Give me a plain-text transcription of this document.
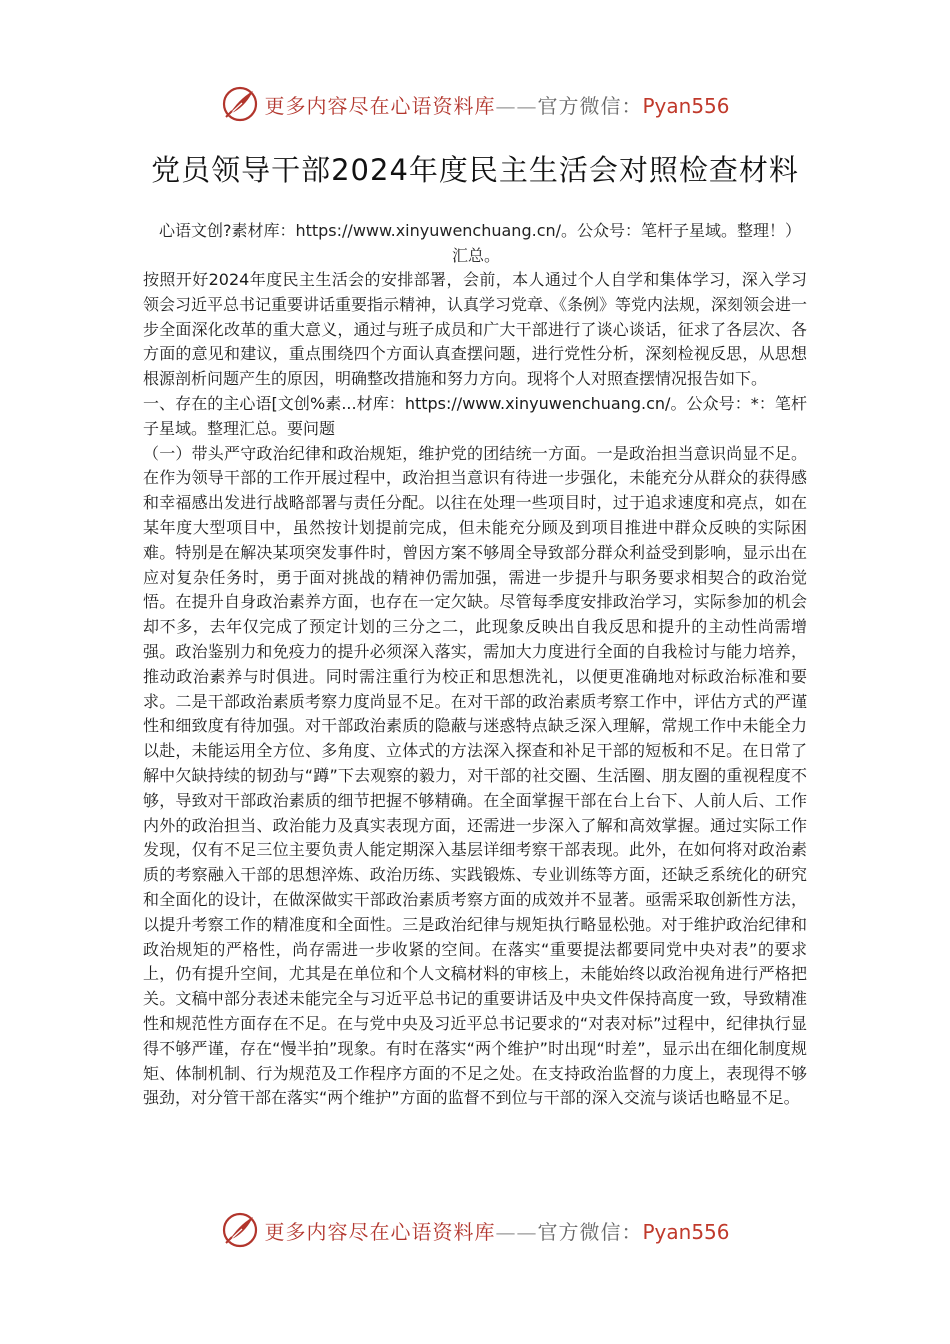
更多内容尽在心语资料库——官方微信：Pyan556
党员领导干部2024年度民主生活会对照检查材料
心语文创?素材库：https://www.xinyuwenchuang.cn/。公众号：笔杆子星域。整理！）汇总。

按照开好2024年度民主生活会的安排部署，会前，本人通过个人自学和集体学习，深入学习领会习近平总书记重要讲话重要指示精神，认真学习党章、《条例》等党内法规，深刻领会进一步全面深化改革的重大意义，通过与班子成员和广大干部进行了谈心谈话，征求了各层次、各方面的意见和建议，重点围绕四个方面认真查摆问题，进行党性分析，深刻检视反思，从思想根源剖析问题产生的原因，明确整改措施和努力方向。现将个人对照查摆情况报告如下。

一、存在的主心语[文创%素...材库：https://www.xinyuwenchuang.cn/。公众号：*：笔杆子星域。整理汇总。要问题

（一）带头严守政治纪律和政治规矩，维护党的团结统一方面。一是政治担当意识尚显不足。在作为领导干部的工作开展过程中，政治担当意识有待进一步强化，未能充分从群众的获得感和幸福感出发进行战略部署与责任分配。以往在处理一些项目时，过于追求速度和亮点，如在某年度大型项目中，虽然按计划提前完成，但未能充分顾及到项目推进中群众反映的实际困难。特别是在解决某项突发事件时，曾因方案不够周全导致部分群众利益受到影响，显示出在应对复杂任务时，勇于面对挑战的精神仍需加强，需进一步提升与职务要求相契合的政治觉悟。在提升自身政治素养方面，也存在一定欠缺。尽管每季度安排政治学习，实际参加的机会却不多，去年仅完成了预定计划的三分之二，此现象反映出自我反思和提升的主动性尚需增强。政治鉴别力和免疫力的提升必须深入落实，需加大力度进行全面的自我检讨与能力培养，推动政治素养与时俱进。同时需注重行为校正和思想洗礼，以便更准确地对标政治标准和要求。二是干部政治素质考察力度尚显不足。在对干部的政治素质考察工作中，评估方式的严谨性和细致度有待加强。对干部政治素质的隐蔽与迷惑特点缺乏深入理解，常规工作中未能全力以赴，未能运用全方位、多角度、立体式的方法深入探查和补足干部的短板和不足。在日常了解中欠缺持续的韧劲与“蹲”下去观察的毅力，对干部的社交圈、生活圈、朋友圈的重视程度不够，导致对干部政治素质的细节把握不够精确。在全面掌握干部在台上台下、人前人后、工作内外的政治担当、政治能力及真实表现方面，还需进一步深入了解和高效掌握。通过实际工作发现，仅有不足三位主要负责人能定期深入基层详细考察干部表现。此外，在如何将对政治素质的考察融入干部的思想淬炼、政治历练、实践锻炼、专业训练等方面，还缺乏系统化的研究和全面化的设计，在做深做实干部政治素质考察方面的成效并不显著。亟需采取创新性方法，以提升考察工作的精准度和全面性。三是政治纪律与规矩执行略显松弛。对于维护政治纪律和政治规矩的严格性，尚存需进一步收紧的空间。在落实“重要提法都要同党中央对表”的要求上，仍有提升空间，尤其是在单位和个人文稿材料的审核上，未能始终以政治视角进行严格把关。文稿中部分表述未能完全与习近平总书记的重要讲话及中央文件保持高度一致，导致精准性和规范性方面存在不足。在与党中央及习近平总书记要求的“对表对标”过程中，纪律执行显得不够严谨，存在“慢半拍”现象。有时在落实“两个维护”时出现“时差”，显示出在细化制度规矩、体制机制、行为规范及工作程序方面的不足之处。在支持政治监督的力度上，表现得不够强劲，对分管干部在落实“两个维护”方面的监督不到位与干部的深入交流与谈话也略显不足。

更多内容尽在心语资料库——官方微信：Pyan556
